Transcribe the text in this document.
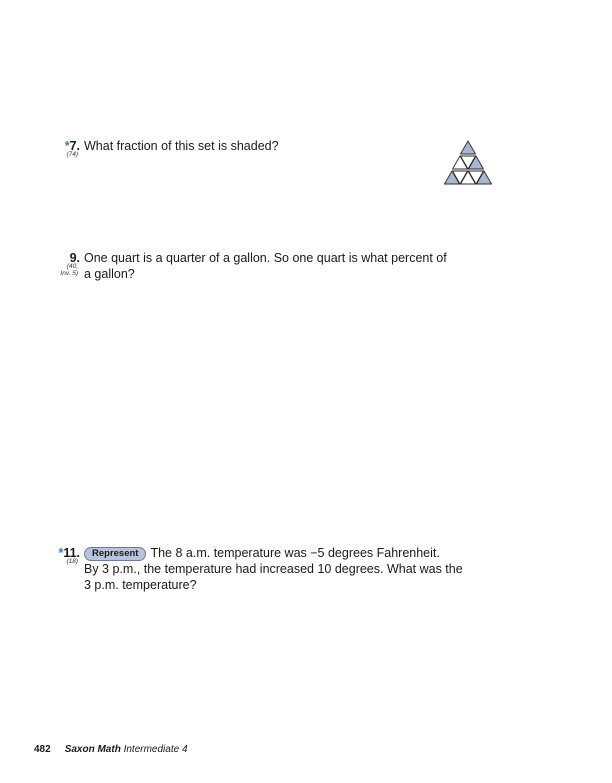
*7.
(74)
What fraction of this set is shaded?
9.
(40,
Inv. 5)
One quart is a quarter of a gallon. So one quart is what percent of
a gallon?
*11.
(18)
Represent The 8 a.m. temperature was −5 degrees Fahrenheit.
By 3 p.m., the temperature had increased 10 degrees. What was the
3 p.m. temperature?
482 Saxon Math Intermediate 4
